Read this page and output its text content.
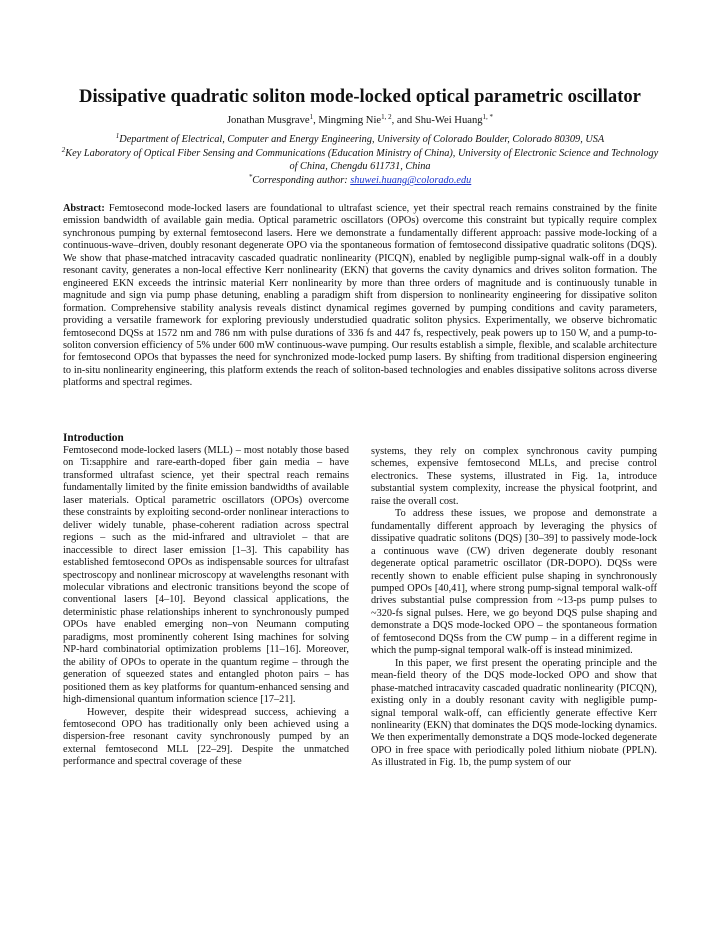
Dissipative quadratic soliton mode-locked optical parametric oscillator
Jonathan Musgrave$^1$, Mingming Nie$^{1, 2}$, and Shu-Wei Huang$^{1, *}$
$^1$Department of Electrical, Computer and Energy Engineering, University of Colorado Boulder, Colorado 80309, USA
$^2$Key Laboratory of Optical Fiber Sensing and Communications (Education Ministry of China), University of Electronic Science and Technology of China, Chengdu 611731, China
*Corresponding author: shuwei.huang@colorado.edu
Abstract: Femtosecond mode-locked lasers are foundational to ultrafast science, yet their spectral reach remains constrained by the finite emission bandwidth of available gain media. Optical parametric oscillators (OPOs) overcome this constraint but typically require complex synchronous pumping by external femtosecond lasers. Here we demonstrate a fundamentally different approach: passive mode-locking of a continuous-wave–driven, doubly resonant degenerate OPO via the spontaneous formation of femtosecond dissipative quadratic solitons (DQS). We show that phase-matched intracavity cascaded quadratic nonlinearity (PICQN), enabled by negligible pump-signal walk-off in a doubly resonant cavity, generates a non-local effective Kerr nonlinearity (EKN) that governs the cavity dynamics and drives soliton formation. The engineered EKN exceeds the intrinsic material Kerr nonlinearity by more than three orders of magnitude and is continuously tunable in magnitude and sign via pump phase detuning, enabling a paradigm shift from dispersion to nonlinearity engineering for dissipative soliton formation. Comprehensive stability analysis reveals distinct dynamical regimes governed by pumping conditions and cavity parameters, providing a versatile framework for exploring previously understudied quadratic soliton physics. Experimentally, we observe bichromatic femtosecond DQSs at 1572 nm and 786 nm with pulse durations of 336 fs and 447 fs, respectively, peak powers up to 150 W, and a pump-to-soliton conversion efficiency of 5% under 600 mW continuous-wave pumping. Our results establish a simple, flexible, and scalable architecture for femtosecond OPOs that bypasses the need for synchronized mode-locked pump lasers. By shifting from traditional dispersion engineering to in-situ nonlinearity engineering, this platform extends the reach of soliton-based technologies and enables dissipative solitons across diverse platforms and spectral regimes.
Introduction

Femtosecond mode-locked lasers (MLL) – most notably those based on Ti:sapphire and rare-earth-doped fiber gain media – have transformed ultrafast science, yet their spectral reach remains fundamentally limited by the finite emission bandwidths of available laser materials. Optical parametric oscillators (OPOs) overcome these constraints by exploiting second-order nonlinear interactions to deliver widely tunable, phase-coherent radiation across spectral regions – such as the mid-infrared and ultraviolet – that are inaccessible to direct laser emission [1–3]. This capability has established femtosecond OPOs as indispensable sources for ultrafast spectroscopy and nonlinear microscopy at wavelengths resonant with molecular vibrations and electronic transitions beyond the scope of conventional lasers [4–10]. Beyond classical applications, the deterministic phase relationships inherent to synchronously pumped OPOs have enabled emerging non–von Neumann computing paradigms, most prominently coherent Ising machines for solving NP-hard combinatorial optimization problems [11–16]. Moreover, the ability of OPOs to operate in the quantum regime – through the generation of squeezed states and entangled photon pairs – has positioned them as key platforms for quantum-enhanced sensing and high-dimensional quantum information science [17–21].

However, despite their widespread success, achieving a femtosecond OPO has traditionally only been achieved using a dispersion-free resonant cavity synchronously pumped by an external femtosecond MLL [22–29]. Despite the unmatched performance and spectral coverage of these

systems, they rely on complex synchronous cavity pumping schemes, expensive femtosecond MLLs, and precise control electronics. These systems, illustrated in Fig. 1a, introduce substantial system complexity, increase the physical footprint, and raise the overall cost.

To address these issues, we propose and demonstrate a fundamentally different approach by leveraging the physics of dissipative quadratic solitons (DQS) [30–39] to passively mode-lock a continuous wave (CW) driven degenerate doubly resonant degenerate optical parametric oscillator (DR-DOPO). DQSs were recently shown to enable efficient pulse shaping in synchronously pumped OPOs [40,41], where strong pump-signal temporal walk-off drives substantial pulse compression from ~13-ps pump pulses to ~320-fs signal pulses. Here, we go beyond DQS pulse shaping and demonstrate a DQS mode-locked OPO – the spontaneous formation of femtosecond DQSs from the CW pump – in a different regime in which the pump-signal temporal walk-off is instead minimized.

In this paper, we first present the operating principle and the mean-field theory of the DQS mode-locked OPO and show that phase-matched intracavity cascaded quadratic nonlinearity (PICQN), existing only in a doubly resonant cavity with negligible pump-signal temporal walk-off, can efficiently generate effective Kerr nonlinearity (EKN) that dominates the DQS mode-locking dynamics. We then experimentally demonstrate a DQS mode-locked degenerate OPO in free space with periodically poled lithium niobate (PPLN). As illustrated in Fig. 1b, the pump system of our
